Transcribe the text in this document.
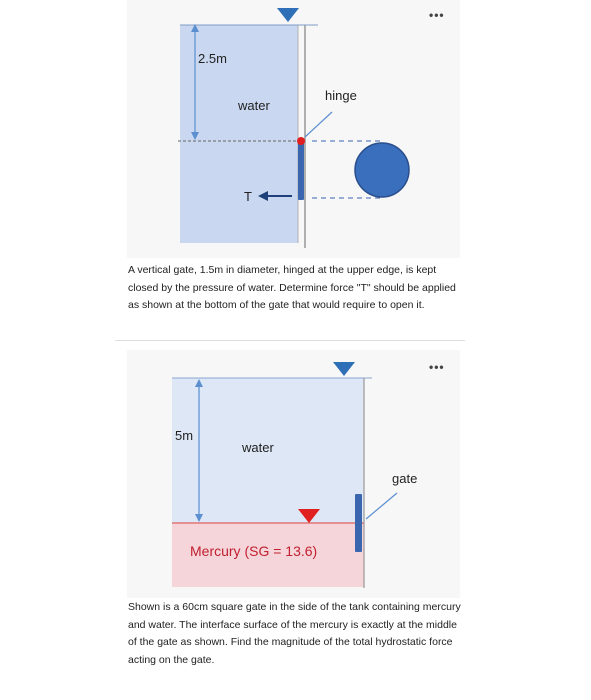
2.5m
water
hinge
T
•••
A vertical gate, 1.5m in diameter, hinged at the upper edge, is kept closed by the pressure of water. Determine force "T" should be applied as shown at the bottom of the gate that would require to open it.
5m
water
gate
Mercury (SG = 13.6)
•••
Shown is a 60cm square gate in the side of the tank containing mercury and water. The interface surface of the mercury is exactly at the middle of the gate as shown. Find the magnitude of the total hydrostatic force acting on the gate.
